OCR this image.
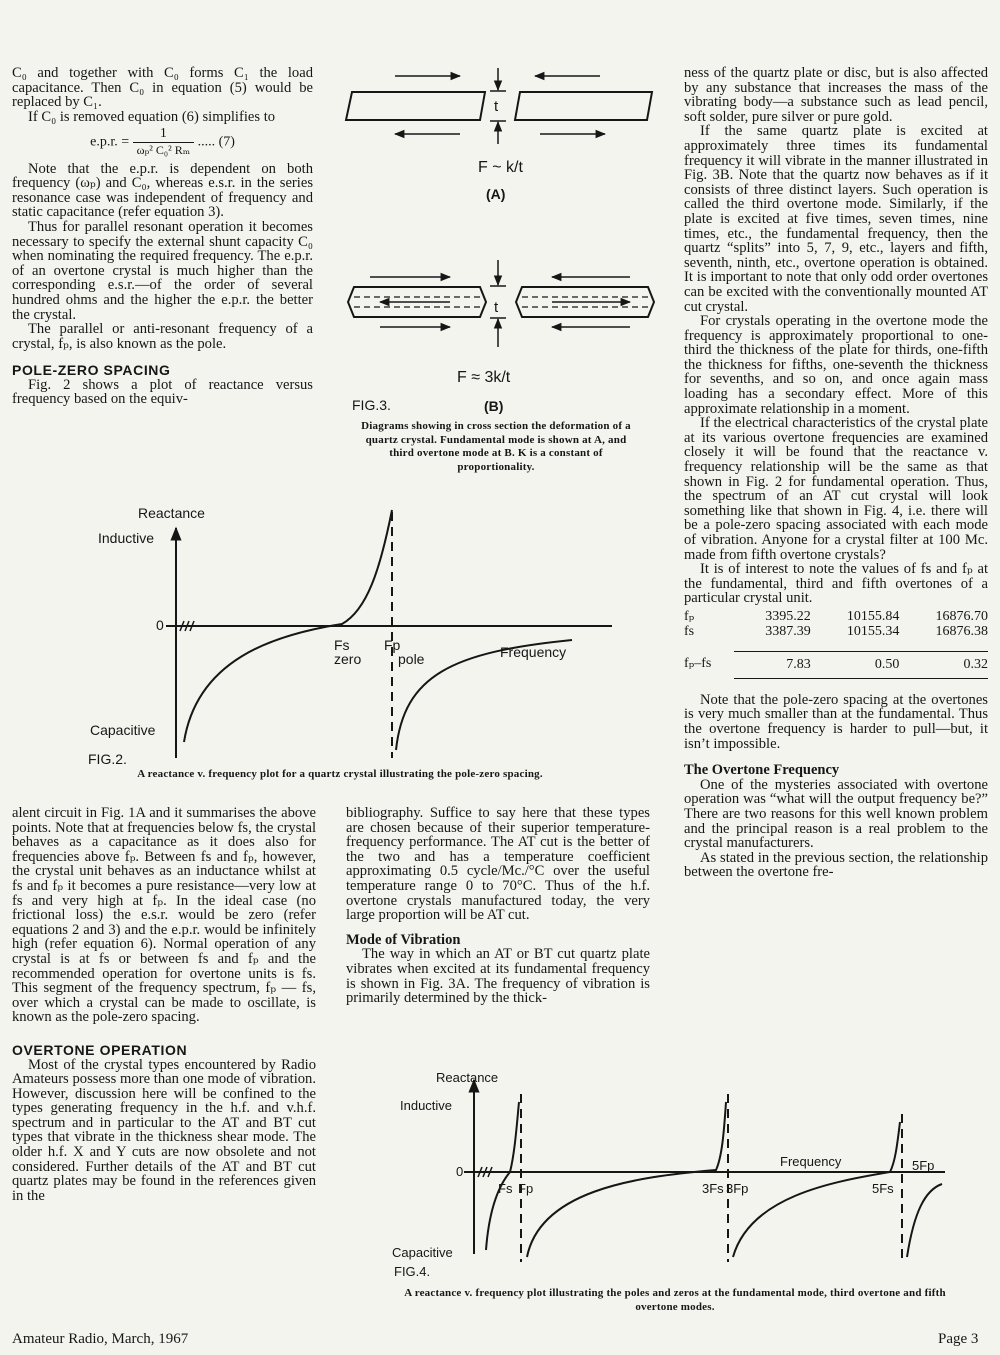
C₀ and together with C₀ forms C₁ the load capacitance. Then C₀ in equation (5) would be replaced by C₁.

If C₀ is removed equation (6) simplifies to

e.p.r. = $\frac{1}{\text{ωₚ² C₀² Rₘ}}$ ..... (7)

Note that the e.p.r. is dependent on both frequency (ωₚ) and C₀, whereas e.s.r. in the series resonance case was independent of frequency and static capacitance (refer equation 3).

Thus for parallel resonant operation it becomes necessary to specify the external shunt capacity C₀ when nominating the required frequency. The e.p.r. of an overtone crystal is much higher than the corresponding e.s.r.—of the order of several hundred ohms and the higher the e.p.r. the better the crystal.

The parallel or anti-resonant frequency of a crystal, fₚ, is also known as the pole.

POLE-ZERO SPACING

Fig. 2 shows a plot of reactance versus frequency based on the equiv-

t
F ~ k/t
(A)
t
F ≈ 3k/t
FIG.3.	(B)
Diagrams showing in cross section the deformation of a quartz crystal. Fundamental mode is shown at A, and third overtone mode at B. K is a constant of proportionality.

ness of the quartz plate or disc, but is also affected by any substance that increases the mass of the vibrating body—a substance such as lead pencil, soft solder, pure silver or pure gold.

If the same quartz plate is excited at approximately three times its fundamental frequency it will vibrate in the manner illustrated in Fig. 3B. Note that the quartz now behaves as if it consists of three distinct layers. Such operation is called the third overtone mode. Similarly, if the plate is excited at five times, seven times, nine times, etc., the fundamental frequency, then the quartz “splits” into 5, 7, 9, etc., layers and fifth, seventh, ninth, etc., overtone operation is obtained. It is important to note that only odd order overtones can be excited with the conventionally mounted AT cut crystal.

For crystals operating in the overtone mode the frequency is approximately proportional to one-third the thickness of the plate for thirds, one-fifth the thickness for fifths, one-seventh the thickness for sevenths, and so on, and once again mass loading has a secondary effect. More of this approximate relationship in a moment.

If the electrical characteristics of the crystal plate at its various overtone frequencies are examined closely it will be found that the reactance v. frequency relationship will be the same as that shown in Fig. 2 for fundamental operation. Thus, the spectrum of an AT cut crystal will look something like that shown in Fig. 4, i.e. there will be a pole-zero spacing associated with each mode of vibration. Anyone for a crystal filter at 100 Mc. made from fifth overtone crystals?

It is of interest to note the values of fs and fₚ at the fundamental, third and fifth overtones of a particular crystal unit.

fₚ	3395.22	10155.84	16876.70
fs	3387.39	10155.34	16876.38

fₚ–fs	7.83	0.50	0.32

Note that the pole-zero spacing at the overtones is very much smaller than at the fundamental. Thus the overtone frequency is harder to pull—but, it isn’t impossible.

The Overtone Frequency

One of the mysteries associated with overtone operation was “what will the output frequency be?” There are two reasons for this well known problem and the principal reason is a real problem to the crystal manufacturers.

As stated in the previous section, the relationship between the overtone fre-

Reactance
Inductive
Capacitive
0
Fs
zero
Fp
pole	Frequency
FIG.2.
A reactance v. frequency plot for a quartz crystal illustrating the pole-zero spacing.

alent circuit in Fig. 1A and it summarises the above points. Note that at frequencies below fs, the crystal behaves as a capacitance as it does also for frequencies above fₚ. Between fs and fₚ, however, the crystal unit behaves as an inductance whilst at fs and fₚ it becomes a pure resistance—very low at fs and very high at fₚ. In the ideal case (no frictional loss) the e.s.r. would be zero (refer equations 2 and 3) and the e.p.r. would be infinitely high (refer equation 6). Normal operation of any crystal is at fs or between fs and fₚ and the recommended operation for overtone units is fs. This segment of the frequency spectrum, fₚ — fs, over which a crystal can be made to oscillate, is known as the pole-zero spacing.

OVERTONE OPERATION

Most of the crystal types encountered by Radio Amateurs possess more than one mode of vibration. However, discussion here will be confined to the types generating frequency in the h.f. and v.h.f. spectrum and in particular to the AT and BT cut types that vibrate in the thickness shear mode. The older h.f. X and Y cuts are now obsolete and not considered. Further details of the AT and BT cut quartz plates may be found in the references given in the

bibliography. Suffice to say here that these types are chosen because of their superior temperature-frequency performance. The AT cut is the better of the two and has a temperature coefficient approximating 0.5 cycle/Mc./°C over the useful temperature range 0 to 70°C. Thus of the h.f. overtone crystals manufactured today, the very large proportion will be AT cut.

Mode of Vibration

The way in which an AT or BT cut quartz plate vibrates when excited at its fundamental frequency is shown in Fig. 3A. The frequency of vibration is primarily determined by the thick-

Reactance
Inductive
Capacitive
0
Fs Fp	3Fs 3Fp	5Fs
5Fp
Frequency
FIG.4.
A reactance v. frequency plot illustrating the poles and zeros at the fundamental mode, third overtone and fifth overtone modes.
Amateur Radio, March, 1967	Page 3
